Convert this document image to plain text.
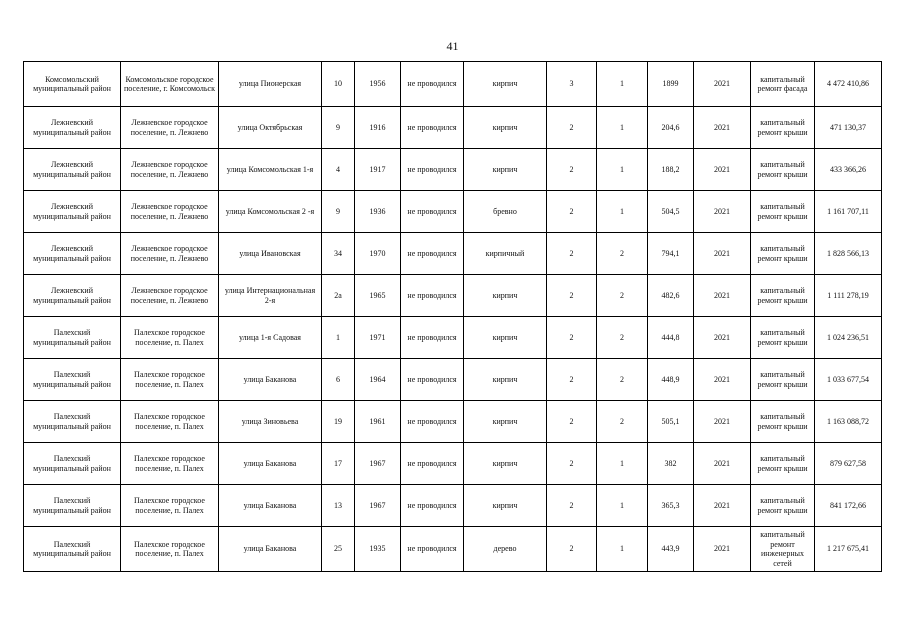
41
Комсомольский муниципальный район	Комсомольское городское поселение, г. Комсомольск	улица Пионерская	10	1956	не проводился	кирпич	3	1	1899	2021	капитальный ремонт фасада	4 472 410,86
Лежневский муниципальный район	Лежневское городское поселение, п. Лежнево	улица Октябрьская	9	1916	не проводился	кирпич	2	1	204,6	2021	капитальный ремонт крыши	471 130,37
Лежневский муниципальный район	Лежневское городское поселение, п. Лежнево	улица Комсомольская 1-я	4	1917	не проводился	кирпич	2	1	188,2	2021	капитальный ремонт крыши	433 366,26
Лежневский муниципальный район	Лежневское городское поселение, п. Лежнево	улица Комсомольская 2 -я	9	1936	не проводился	бревно	2	1	504,5	2021	капитальный ремонт крыши	1 161 707,11
Лежневский муниципальный район	Лежневское городское поселение, п. Лежнево	улица Ивановская	34	1970	не проводился	кирпичный	2	2	794,1	2021	капитальный ремонт крыши	1 828 566,13
Лежневский муниципальный район	Лежневское городское поселение, п. Лежнево	улица Интернациональная 2-я	2а	1965	не проводился	кирпич	2	2	482,6	2021	капитальный ремонт крыши	1 111 278,19
Палехский муниципальный район	Палехское городское поселение, п. Палех	улица 1-я Садовая	1	1971	не проводился	кирпич	2	2	444,8	2021	капитальный ремонт крыши	1 024 236,51
Палехский муниципальный район	Палехское городское поселение, п. Палех	улица Баканова	6	1964	не проводился	кирпич	2	2	448,9	2021	капитальный ремонт крыши	1 033 677,54
Палехский муниципальный район	Палехское городское поселение, п. Палех	улица Зиновьева	19	1961	не проводился	кирпич	2	2	505,1	2021	капитальный ремонт крыши	1 163 088,72
Палехский муниципальный район	Палехское городское поселение, п. Палех	улица Баканова	17	1967	не проводился	кирпич	2	1	382	2021	капитальный ремонт крыши	879 627,58
Палехский муниципальный район	Палехское городское поселение, п. Палех	улица Баканова	13	1967	не проводился	кирпич	2	1	365,3	2021	капитальный ремонт крыши	841 172,66
Палехский муниципальный район	Палехское городское поселение, п. Палех	улица Баканова	25	1935	не проводился	дерево	2	1	443,9	2021	капитальный ремонт инженерных сетей	1 217 675,41
